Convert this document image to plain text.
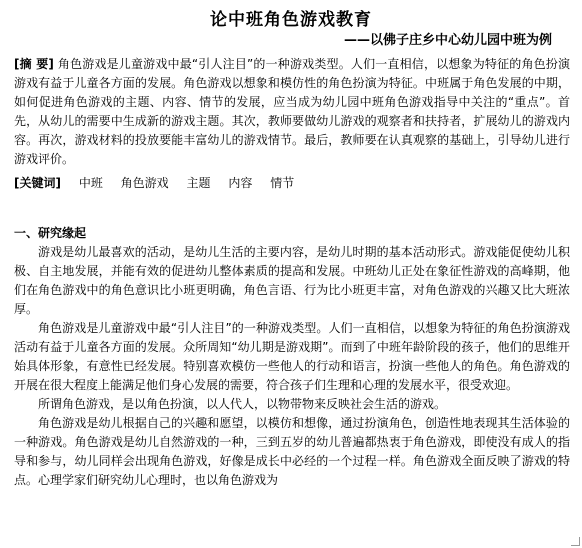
论中班角色游戏教育
——以佛子庄乡中心幼儿园中班为例
[摘 要] 角色游戏是儿童游戏中最“引人注目”的一种游戏类型。人们一直相信，以想象为特征的角色扮演游戏有益于儿童各方面的发展。角色游戏以想象和模仿性的角色扮演为特征。中班属于角色发展的中期，如何促进角色游戏的主题、内容、情节的发展，应当成为幼儿园中班角色游戏指导中关注的“重点”。首先，从幼儿的需要中生成新的游戏主题。其次，教师要做幼儿游戏的观察者和扶持者，扩展幼儿的游戏内容。再次，游戏材料的投放要能丰富幼儿的游戏情节。最后，教师要在认真观察的基础上，引导幼儿进行游戏评价。
[关键词] 中班 角色游戏 主题 内容 情节
一、研究缘起
游戏是幼儿最喜欢的活动，是幼儿生活的主要内容，是幼儿时期的基本活动形式。游戏能促使幼儿积极、自主地发展，并能有效的促进幼儿整体素质的提高和发展。中班幼儿正处在象征性游戏的高峰期，他们在角色游戏中的角色意识比小班更明确，角色言语、行为比小班更丰富，对角色游戏的兴趣又比大班浓厚。
角色游戏是儿童游戏中最“引人注目”的一种游戏类型。人们一直相信，以想象为特征的角色扮演游戏活动有益于儿童各方面的发展。众所周知“幼儿期是游戏期”。而到了中班年龄阶段的孩子，他们的思维开始具体形象，有意性已经发展。特别喜欢模仿一些他人的行动和语言，扮演一些他人的角色。角色游戏的开展在很大程度上能满足他们身心发展的需要，符合孩子们生理和心理的发展水平，很受欢迎。
所谓角色游戏，是以角色扮演，以人代人，以物带物来反映社会生活的游戏。
角色游戏是幼儿根据自己的兴趣和愿望，以模仿和想像，通过扮演角色，创造性地表现其生活体验的一种游戏。角色游戏是幼儿自然游戏的一种，三到五岁的幼儿普遍都热衷于角色游戏，即使没有成人的指导和参与，幼儿同样会出现角色游戏，好像是成长中必经的一个过程一样。角色游戏全面反映了游戏的特点。心理学家们研究幼儿心理时，也以角色游戏为
